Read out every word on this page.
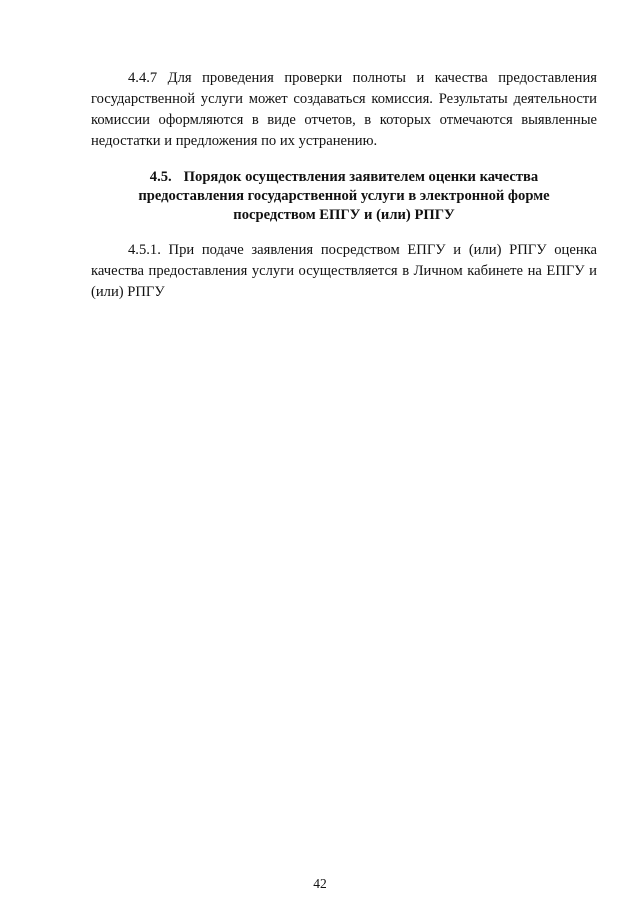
4.4.7 Для проведения проверки полноты и качества предоставления государственной услуги может создаваться комиссия. Результаты деятельности комиссии оформляются в виде отчетов, в которых отмечаются выявленные недостатки и предложения по их устранению.

4.5. Порядок осуществления заявителем оценки качества
предоставления государственной услуги в электронной форме
посредством ЕПГУ и (или) РПГУ

4.5.1. При подаче заявления посредством ЕПГУ и (или) РПГУ оценка качества предоставления услуги осуществляется в Личном кабинете на ЕПГУ и (или) РПГУ

42
